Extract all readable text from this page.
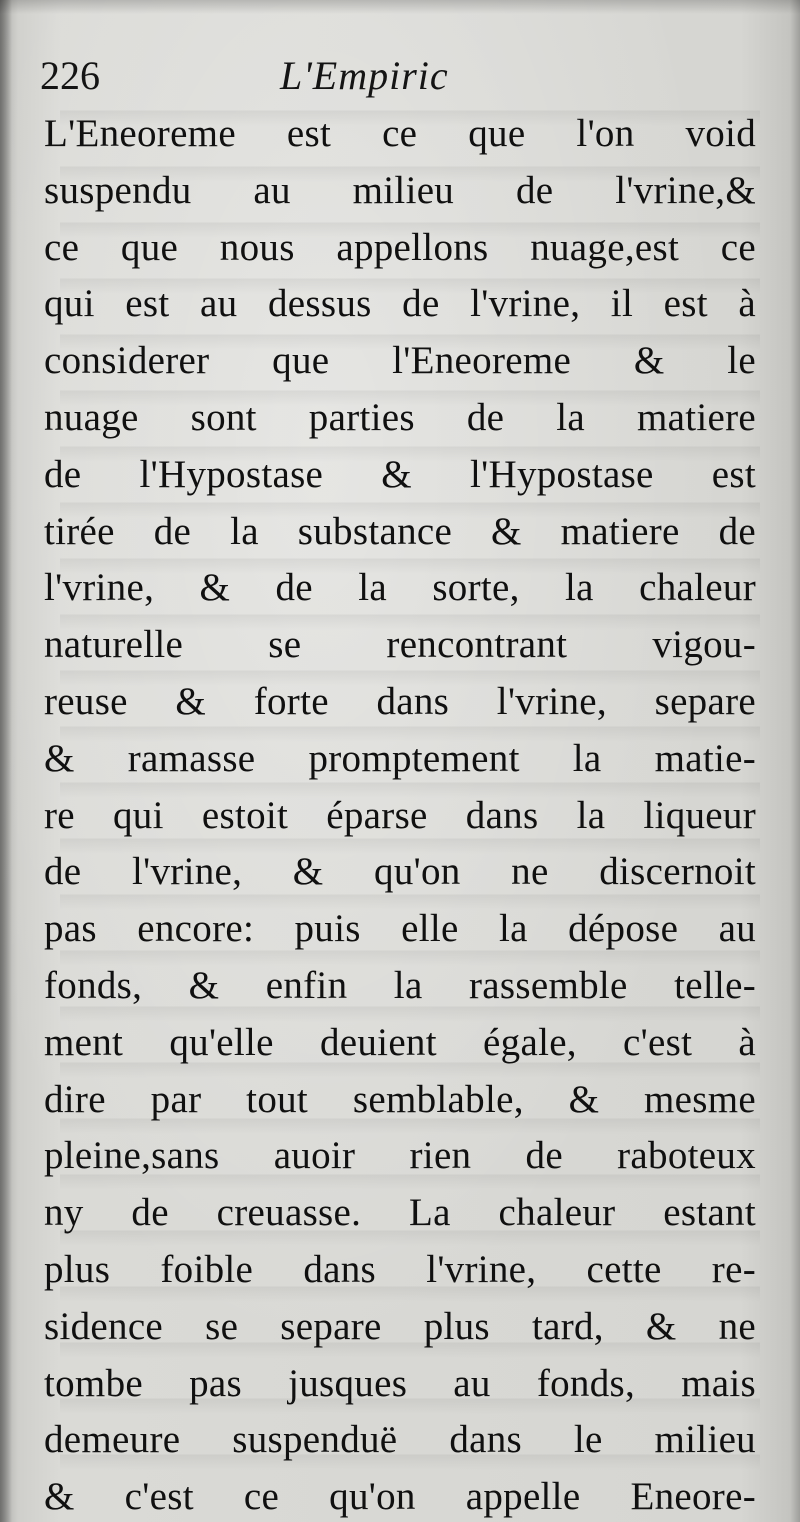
226	L'Empiric
L'Eneoreme est ce que l'on void
suspendu au milieu de l'vrine,&
ce que nous appellons nuage,est ce
qui est au dessus de l'vrine, il est à
considerer que l'Eneoreme & le
nuage sont parties de la matiere
de l'Hypostase & l'Hypostase est
tirée de la substance & matiere de
l'vrine, & de la sorte, la chaleur
naturelle se rencontrant vigou-
reuse & forte dans l'vrine, separe
& ramasse promptement la matie-
re qui estoit éparse dans la liqueur
de l'vrine, & qu'on ne discernoit
pas encore: puis elle la dépose au
fonds, & enfin la rassemble telle-
ment qu'elle deuient égale, c'est à
dire par tout semblable, & mesme
pleine,sans auoir rien de raboteux
ny de creuasse. La chaleur estant
plus foible dans l'vrine, cette re-
sidence se separe plus tard, & ne
tombe pas jusques au fonds, mais
demeure suspenduë dans le milieu
& c'est ce qu'on appelle Eneore-
